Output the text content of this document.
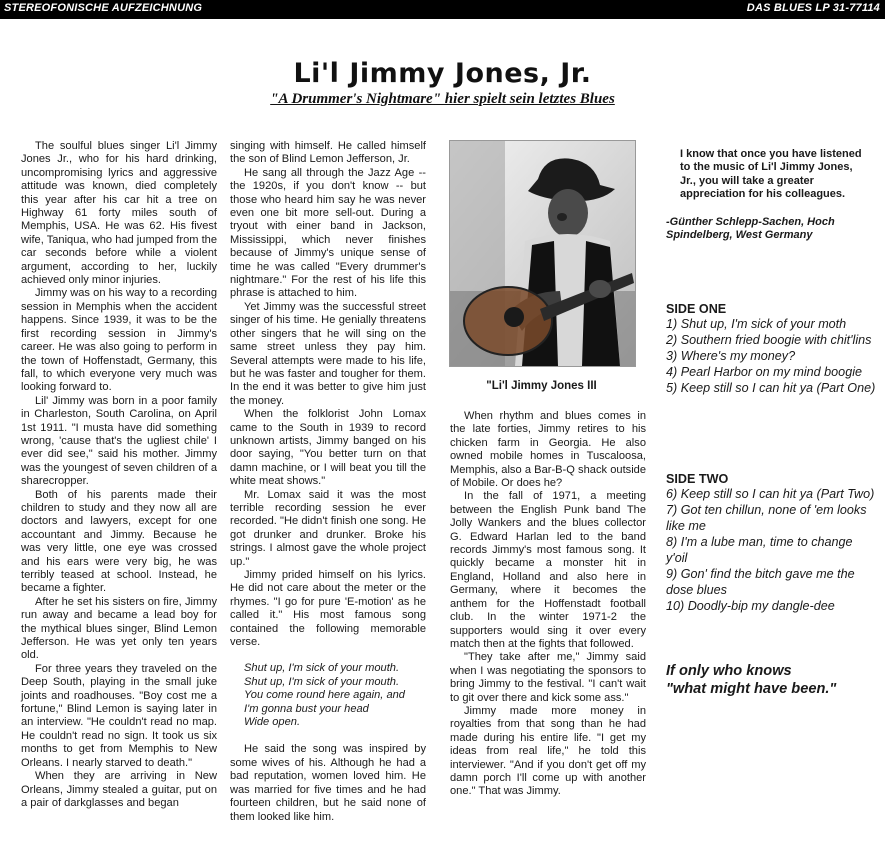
STEREOFONISCHE AUFZEICHNUNG	DAS BLUES LP 31-77114
Li'l Jimmy Jones, Jr.
"A Drummer's Nightmare" hier spielt sein letztes Blues

The soulful blues singer Li'l Jimmy Jones Jr., who for his hard drinking, uncompromising lyrics and aggressive attitude was known, died completely this year after his car hit a tree on Highway 61 forty miles south of Memphis, USA. He was 62. His fivest wife, Taniqua, who had jumped from the car seconds before while a violent argument, according to her, luckily achieved only minor injuries.

Jimmy was on his way to a recording session in Memphis when the accident happens. Since 1939, it was to be the first recording session in Jimmy's career. He was also going to perform in the town of Hoffenstadt, Germany, this fall, to which everyone very much was looking forward to.

Lil' Jimmy was born in a poor family in Charleston, South Carolina, on April 1st 1911. "I musta have did something wrong, 'cause that's the ugliest chile' I ever did see," said his mother. Jimmy was the youngest of seven children of a sharecropper.

Both of his parents made their children to study and they now all are doctors and lawyers, except for one accountant and Jimmy. Because he was very little, one eye was crossed and his ears were very big, he was terribly teased at school. Instead, he became a fighter.

After he set his sisters on fire, Jimmy run away and became a lead boy for the mythical blues singer, Blind Lemon Jefferson. He was yet only ten years old.

For three years they traveled on the Deep South, playing in the small juke joints and roadhouses. "Boy cost me a fortune," Blind Lemon is saying later in an interview. "He couldn't read no map. He couldn't read no sign. It took us six months to get from Memphis to New Orleans. I nearly starved to death."

When they are arriving in New Orleans, Jimmy stealed a guitar, put on a pair of darkglasses and began

singing with himself. He called himself the son of Blind Lemon Jefferson, Jr.

He sang all through the Jazz Age -- the 1920s, if you don't know -- but those who heard him say he was never even one bit more sell-out. During a tryout with einer band in Jackson, Mississippi, which never finishes because of Jimmy's unique sense of time he was called "Every drummer's nightmare." For the rest of his life this phrase is attached to him.

Yet Jimmy was the successful street singer of his time. He genially threatens other singers that he will sing on the same street unless they pay him. Several attempts were made to his life, but he was faster and tougher for them. In the end it was better to give him just the money.

When the folklorist John Lomax came to the South in 1939 to record unknown artists, Jimmy banged on his door saying, "You better turn on that damn machine, or I will beat you till the white meat shows."

Mr. Lomax said it was the most terrible recording session he ever recorded. "He didn't finish one song. He got drunker and drunker. Broke his strings. I almost gave the whole project up."

Jimmy prided himself on his lyrics. He did not care about the meter or the rhymes. "I go for pure 'E-motion' as he called it." His most famous song contained the following memorable verse.

Shut up, I'm sick of your mouth.
Shut up, I'm sick of your mouth.
You come round here again, and
I'm gonna bust your head
Wide open.

He said the song was inspired by some wives of his. Although he had a bad reputation, women loved him. He was married for five times and he had fourteen children, but he said none of them looked like him.

"Li'l Jimmy Jones III

When rhythm and blues comes in the late forties, Jimmy retires to his chicken farm in Georgia. He also owned mobile homes in Tuscaloosa, Memphis, also a Bar-B-Q shack outside of Mobile. Or does he?

In the fall of 1971, a meeting between the English Punk band The Jolly Wankers and the blues collector G. Edward Harlan led to the band records Jimmy's most famous song. It quickly became a monster hit in England, Holland and also here in Germany, where it becomes the anthem for the Hoffenstadt football club. In the winter 1971-2 the supporters would sing it over every match then at the fights that followed.

"They take after me," Jimmy said when I was negotiating the sponsors to bring Jimmy to the festival. "I can't wait to git over there and kick some ass."

Jimmy made more money in royalties from that song than he had made during his entire life. "I get my ideas from real life," he told this interviewer. "And if you don't get off my damn porch I'll come up with another one." That was Jimmy.

I know that once you have listened to the music of Li'l Jimmy Jones, Jr., you will take a greater appreciation for his colleagues.
-Günther Schlepp-Sachen, Hoch Spindelberg, West Germany
SIDE ONE
1) Shut up, I'm sick of your moth
2) Southern fried boogie with chit'lins
3) Where's my money?
4) Pearl Harbor on my mind boogie
5) Keep still so I can hit ya (Part One)
SIDE TWO
6) Keep still so I can hit ya (Part Two)
7) Got ten chillun, none of 'em looks like me
8) I'm a lube man, time to change y'oil
9) Gon' find the bitch gave me the dose blues
10) Doodly-bip my dangle-dee
If only who knows
"what might have been."
